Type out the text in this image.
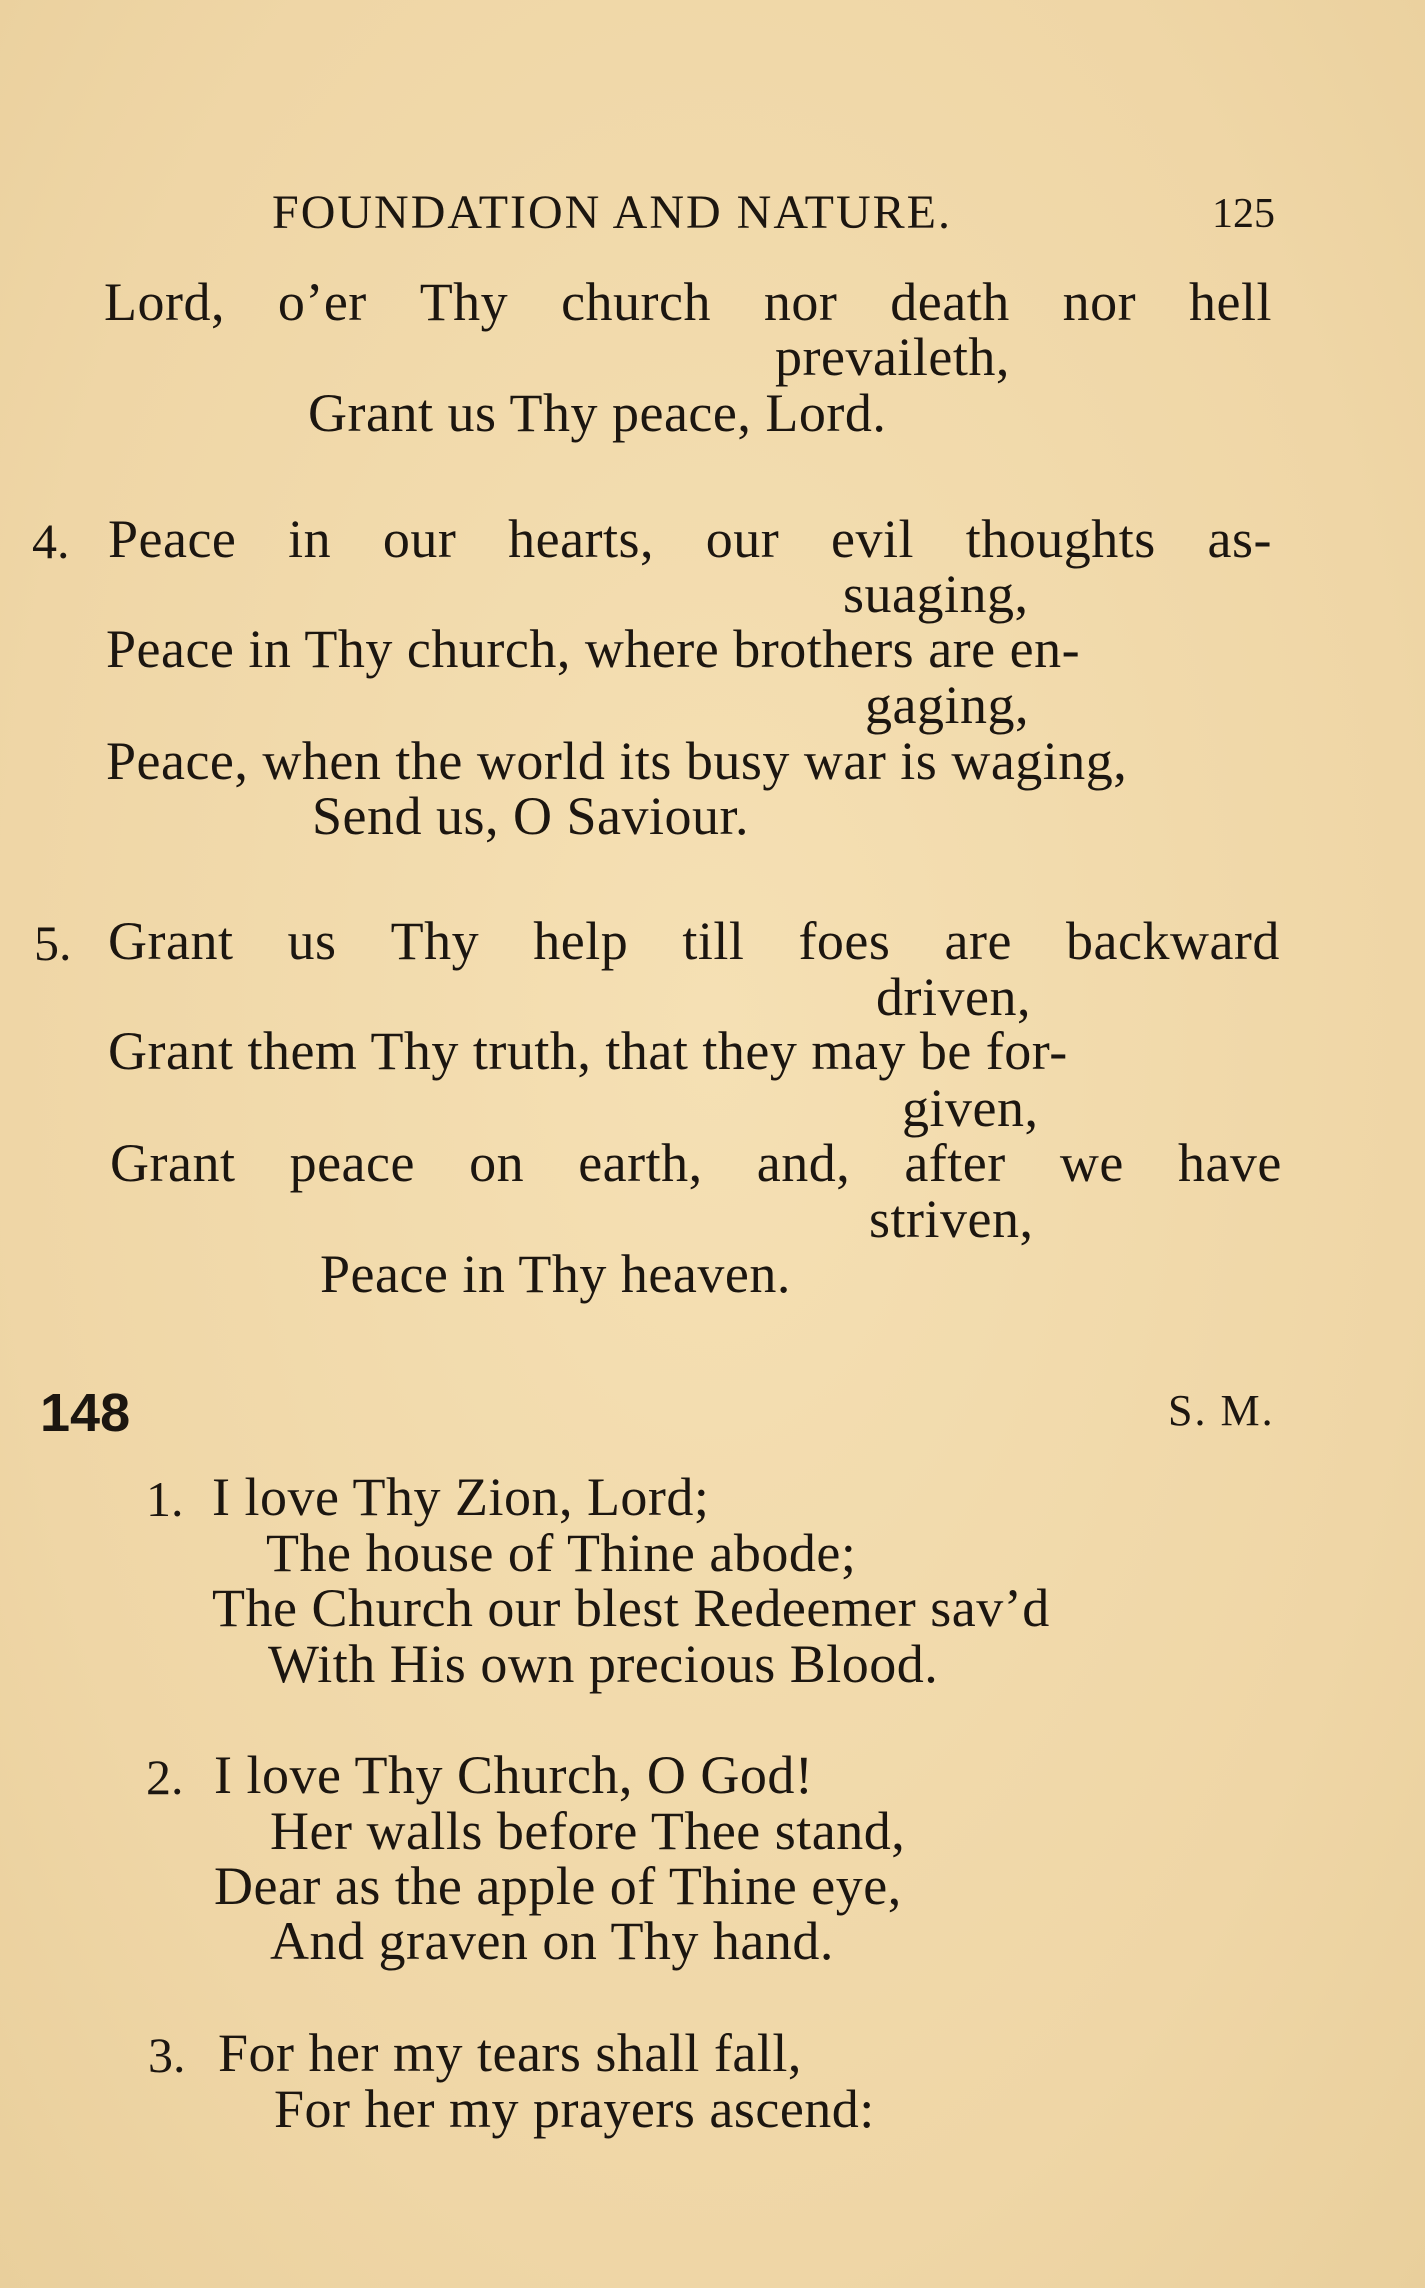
FOUNDATION AND NATURE.	125
Lord, o’er Thy church nor death nor hell
prevaileth,
Grant us Thy peace, Lord.
4. Peace in our hearts, our evil thoughts as-
suaging,
Peace in Thy church, where brothers are en-
gaging,
Peace, when the world its busy war is waging,
Send us, O Saviour.
5. Grant us Thy help till foes are backward
driven,
Grant them Thy truth, that they may be for-
given,
Grant peace on earth, and, after we have
striven,
Peace in Thy heaven.
148	S. M.
1. I love Thy Zion, Lord;
The house of Thine abode;
The Church our blest Redeemer sav’d
With His own precious Blood.
2. I love Thy Church, O God!
Her walls before Thee stand,
Dear as the apple of Thine eye,
And graven on Thy hand.
3. For her my tears shall fall,
For her my prayers ascend:
